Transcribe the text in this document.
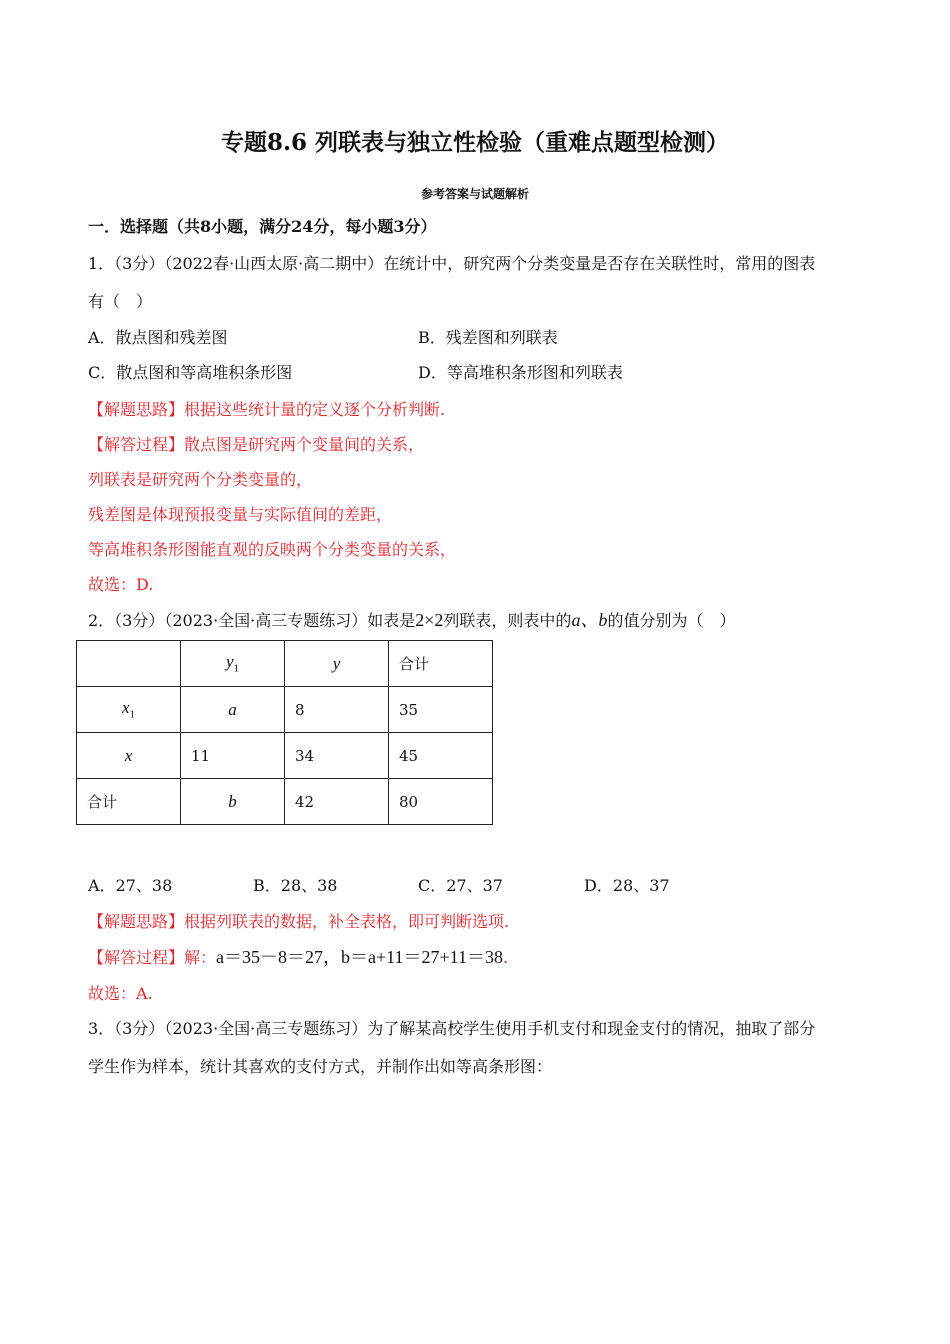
专题8.6 列联表与独立性检验（重难点题型检测）
参考答案与试题解析
一．选择题（共8小题，满分24分，每小题3分）
1．（3分）（2022春·山西太原·高二期中）在统计中，研究两个分类变量是否存在关联性时，常用的图表
有（　）
A．散点图和残差图	B．残差图和列联表
C．散点图和等高堆积条形图	D．等高堆积条形图和列联表
【解题思路】根据这些统计量的定义逐个分析判断.
【解答过程】散点图是研究两个变量间的关系，
列联表是研究两个分类变量的，
残差图是体现预报变量与实际值间的差距，
等高堆积条形图能直观的反映两个分类变量的关系，
故选：D.
2．（3分）（2023·全国·高三专题练习）如表是2×2列联表，则表中的a、b的值分别为（　）
	$y_1$	y	合计
$x_1$	a	8	35
x	11	34	45
合计	b	42	80
A．27、38	B．28、38	C．27、37	D．28、37
【解题思路】根据列联表的数据，补全表格，即可判断选项.
【解答过程】解：a＝35－8＝27，b＝a+11＝27+11＝38.
故选：A.
3．（3分）（2023·全国·高三专题练习）为了解某高校学生使用手机支付和现金支付的情况，抽取了部分
学生作为样本，统计其喜欢的支付方式，并制作出如等高条形图：
